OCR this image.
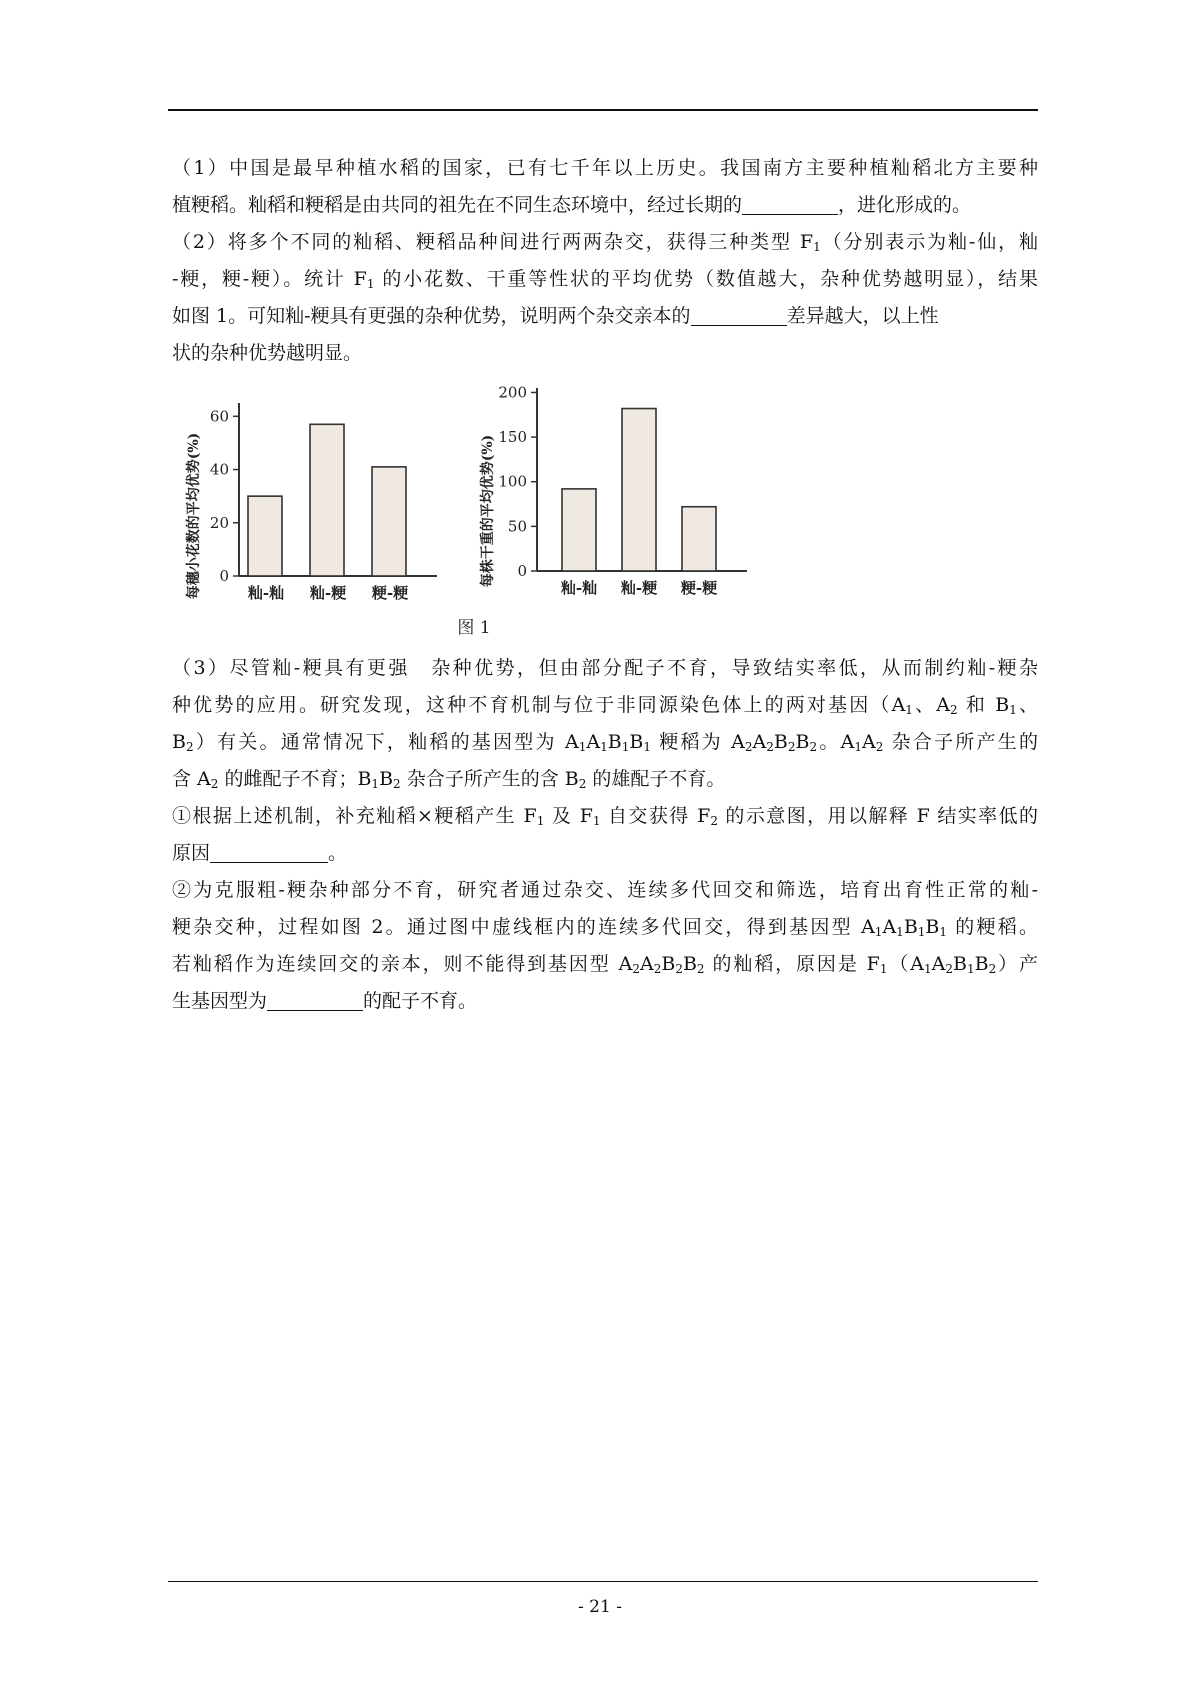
（1）中国是最早种植水稻的国家，已有七千年以上历史。我国南方主要种植籼稻北方主要种
植粳稻。籼稻和粳稻是由共同的祖先在不同生态环境中，经过长期的	，进化形成的。
（2）将多个不同的籼稻、粳稻品种间进行两两杂交，获得三种类型 $F_1$（分别表示为籼-仙，籼
-粳，粳-粳）。统计 $F_1$ 的小花数、干重等性状的平均优势（数值越大，杂种优势越明显），结果
如图 1。可知籼-粳具有更强的杂种优势，说明两个杂交亲本的	差异越大，以上性
状的杂种优势越明显。
每穗小花数的平均优势(%) 0
20
40
60
籼-籼 籼-粳 粳-粳
每株干重的平均优势(%) 0
50
100
150
200
籼-籼 籼-粳 粳-粳
图 1
（3）尽管籼-粳具有更强　杂种优势，但由部分配子不育，导致结实率低，从而制约籼-粳杂
种优势的应用。研究发现，这种不育机制与位于非同源染色体上的两对基因（$A_1$、$A_2$ 和 $B_1$、
$B_2$）有关。通常情况下，籼稻的基因型为 $A_1A_1B_1B_1$ 粳稻为 $A_2A_2B_2B_2$。$A_1A_2$ 杂合子所产生的
含 $A_2$ 的雌配子不育；$B_1B_2$ 杂合子所产生的含 $B_2$ 的雄配子不育。
①根据上述机制，补充籼稻×粳稻产生 $F_1$ 及 $F_1$ 自交获得 $F_2$ 的示意图，用以解释 F 结实率低的
原因	。
②为克服粗-粳杂种部分不育，研究者通过杂交、连续多代回交和筛选，培育出育性正常的籼-
粳杂交种，过程如图 2。通过图中虚线框内的连续多代回交，得到基因型 $A_1A_1B_1B_1$ 的粳稻。
若籼稻作为连续回交的亲本，则不能得到基因型 $A_2A_2B_2B_2$ 的籼稻，原因是 $F_1(A_1A_2B_1B_2)$产
生基因型为	的配子不育。
- 21 -
